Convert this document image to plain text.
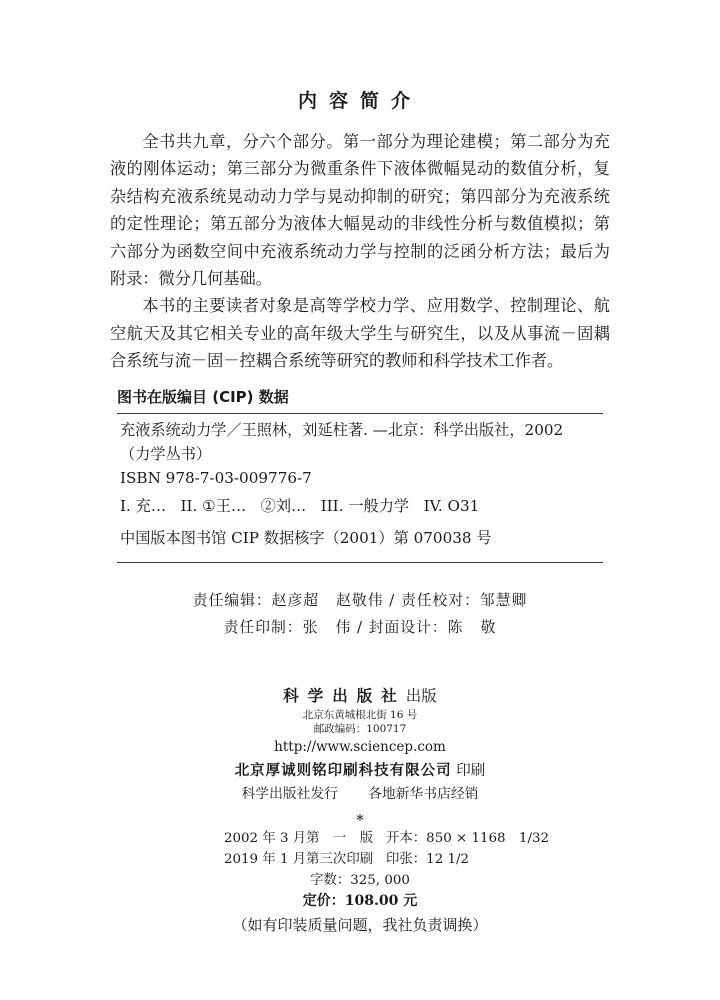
内容简介

全书共九章，分六个部分。第一部分为理论建模；第二部分为充液的刚体运动；第三部分为微重条件下液体微幅晃动的数值分析，复杂结构充液系统晃动动力学与晃动抑制的研究；第四部分为充液系统的定性理论；第五部分为液体大幅晃动的非线性分析与数值模拟；第六部分为函数空间中充液系统动力学与控制的泛函分析方法；最后为附录：微分几何基础。

本书的主要读者对象是高等学校力学、应用数学、控制理论、航空航天及其它相关专业的高年级大学生与研究生，以及从事流－固耦合系统与流－固－控耦合系统等研究的教师和科学技术工作者。

图书在版编目 (CIP) 数据
充液系统动力学／王照林，刘延柱著. —北京：科学出版社，2002
（力学丛书）
ISBN 978-7-03-009776-7
I. 充…   II. ①王…   ②刘…   III. 一般力学   IV. O31
中国版本图书馆 CIP 数据核字（2001）第 070038 号
责任编辑：赵彦超   赵敬伟 / 责任校对：邹慧卿
责任印制：张   伟 / 封面设计：陈   敬
科学出版社出版
北京东黄城根北街 16 号
邮政编码：100717
http://www.sciencep.com
北京厚诚则铭印刷科技有限公司 印刷
科学出版社发行 各地新华书店经销
*
2002 年 3 月第　一　版 开本：850 × 1168　1/32
2019 年 1 月第三次印刷 印张：12 1/2
字数：325, 000
定价：108.00 元
（如有印装质量问题，我社负责调换）
